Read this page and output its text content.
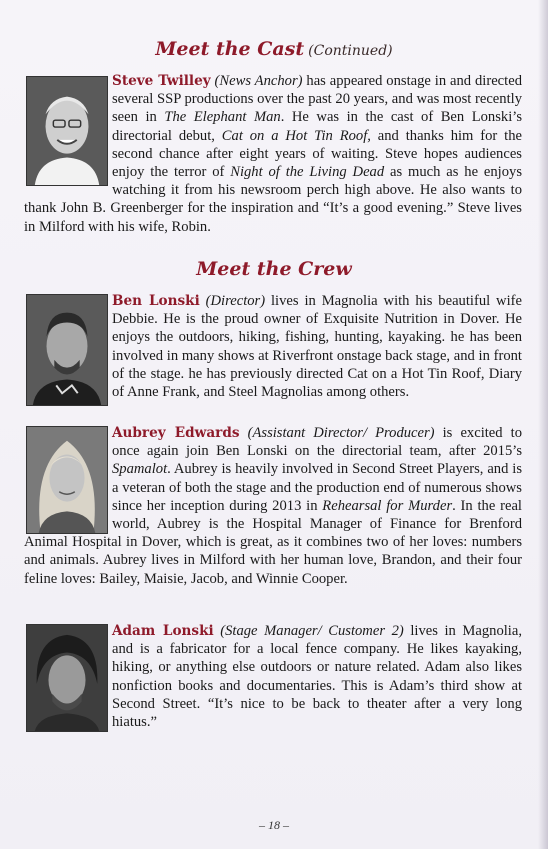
Meet the Cast (Continued)
Steve Twilley (News Anchor) has appeared onstage in and directed several SSP productions over the past 20 years, and was most recently seen in The Elephant Man. He was in the cast of Ben Lonski’s directorial debut, Cat on a Hot Tin Roof, and thanks him for the second chance after eight years of waiting. Steve hopes audiences enjoy the terror of Night of the Living Dead as much as he enjoys watching it from his newsroom perch high above. He also wants to thank John B. Greenberger for the inspiration and “It’s a good evening.” Steve lives in Milford with his wife, Robin.
Meet the Crew
Ben Lonski (Director) lives in Magnolia with his beautiful wife Debbie. He is the proud owner of Exquisite Nutrition in Dover. He enjoys the outdoors, hiking, fishing, hunting, kayaking. he has been involved in many shows at Riverfront onstage back stage, and in front of the stage. he has previously directed Cat on a Hot Tin Roof, Diary of Anne Frank, and Steel Magnolias among others.
Aubrey Edwards (Assistant Director/ Producer) is excited to once again join Ben Lonski on the directorial team, after 2015’s Spamalot. Aubrey is heavily involved in Second Street Players, and is a veteran of both the stage and the production end of numerous shows since her inception during 2013 in Rehearsal for Murder. In the real world, Aubrey is the Hospital Manager of Finance for Brenford Animal Hospital in Dover, which is great, as it combines two of her loves: numbers and animals. Aubrey lives in Milford with her human love, Brandon, and their four feline loves: Bailey, Maisie, Jacob, and Winnie Cooper.
Adam Lonski (Stage Manager/ Customer 2) lives in Magnolia, and is a fabricator for a local fence company. He likes kayaking, hiking, or anything else outdoors or nature related. Adam also likes nonfiction books and documentaries. This is Adam’s third show at Second Street. “It’s nice to be back to theater after a very long hiatus.”
– 18 –
